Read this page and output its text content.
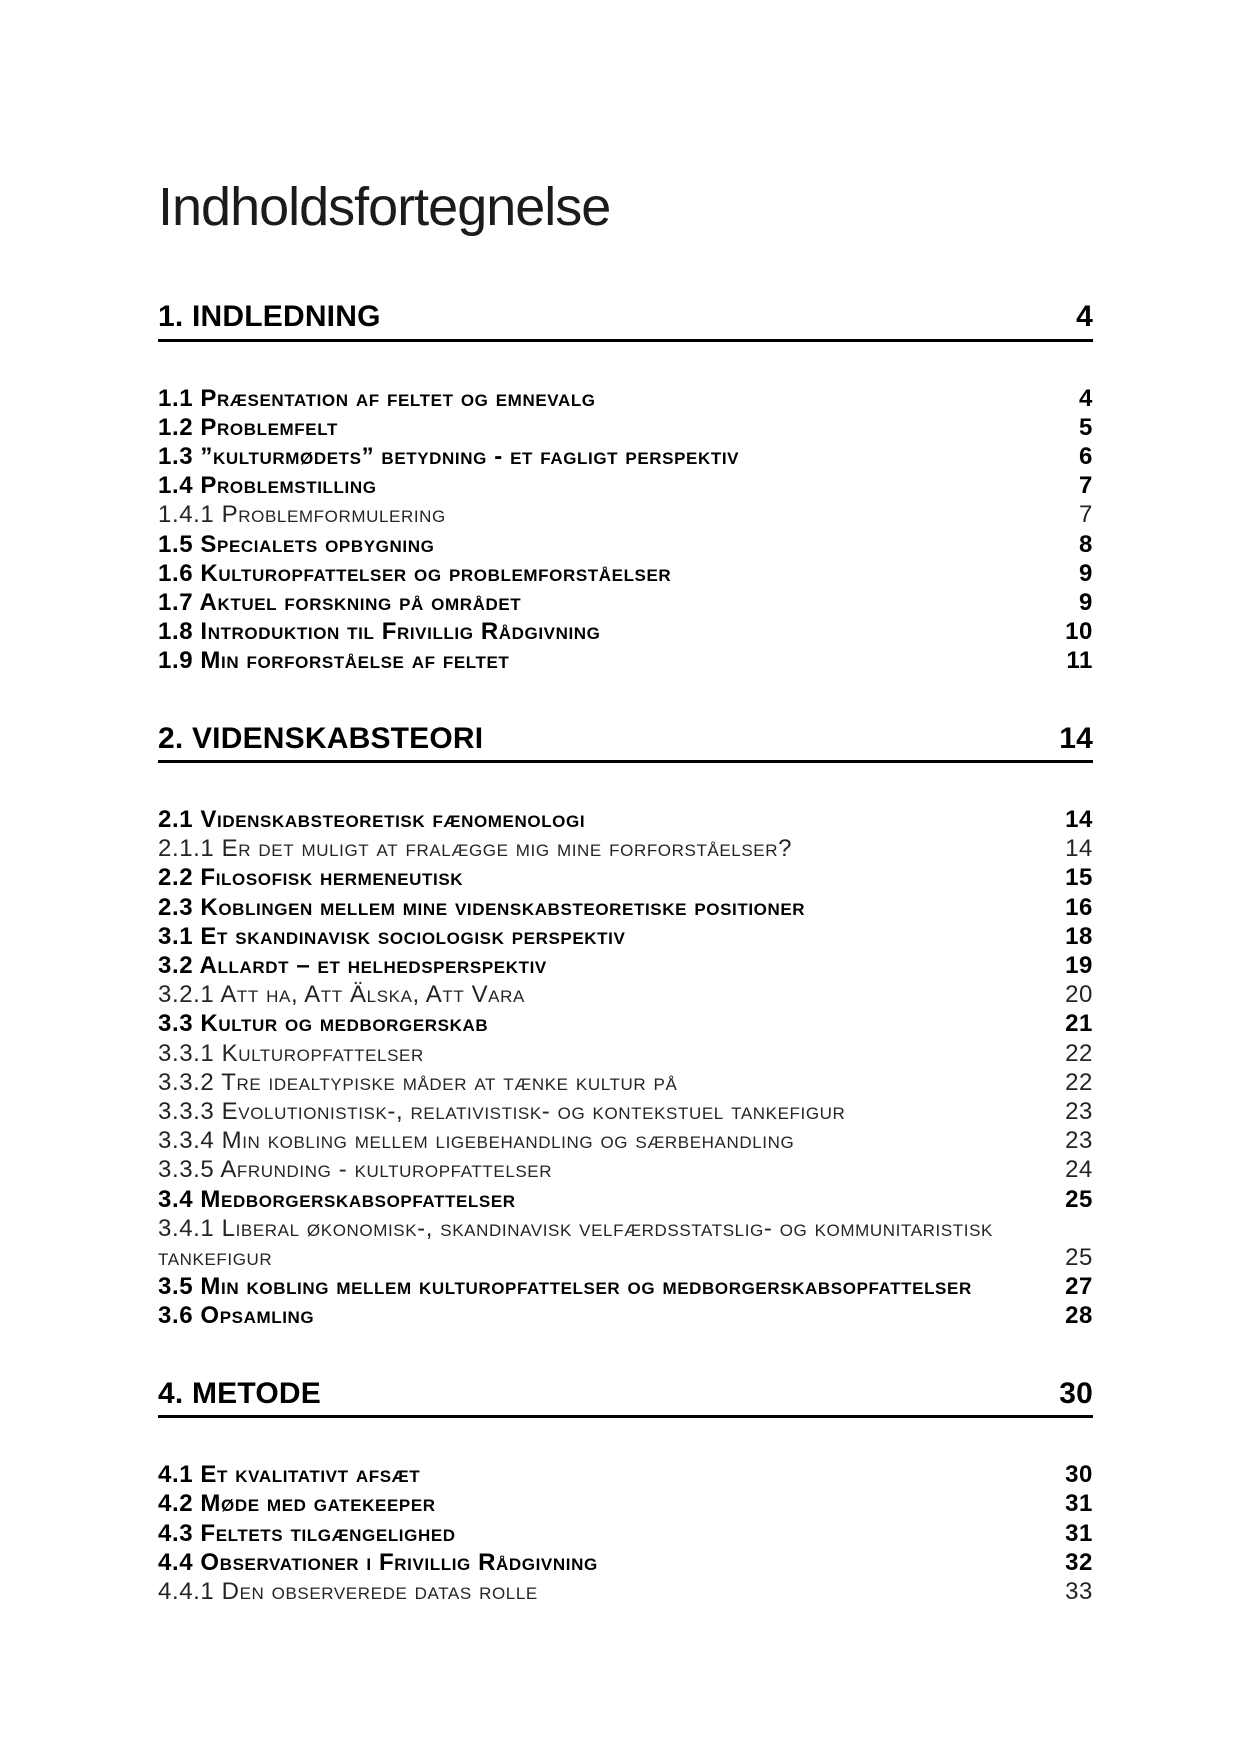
Indholdsfortegnelse
1. INDLEDNING	4
1.1 Præsentation af feltet og emnevalg	4
1.2 Problemfelt	5
1.3 ”kulturmødets” betydning - et fagligt perspektiv	6
1.4 Problemstilling	7
1.4.1 Problemformulering	7
1.5 Specialets opbygning	8
1.6 Kulturopfattelser og problemforståelser	9
1.7 Aktuel forskning på området	9
1.8 Introduktion til Frivillig Rådgivning	10
1.9 Min forforståelse af feltet	11
2. VIDENSKABSTEORI	14
2.1 Videnskabsteoretisk fænomenologi	14
2.1.1 Er det muligt at fralægge mig mine forforståelser?	14
2.2 Filosofisk hermeneutisk	15
2.3 Koblingen mellem mine videnskabsteoretiske positioner	16
3.1 Et skandinavisk sociologisk perspektiv	18
3.2 Allardt – et helhedsperspektiv	19
3.2.1 Att ha, Att Älska, Att Vara	20
3.3 Kultur og medborgerskab	21
3.3.1 Kulturopfattelser	22
3.3.2 Tre idealtypiske måder at tænke kultur på	22
3.3.3 Evolutionistisk-, relativistisk- og kontekstuel tankefigur	23
3.3.4 Min kobling mellem ligebehandling og særbehandling	23
3.3.5 Afrunding - kulturopfattelser	24
3.4 Medborgerskabsopfattelser	25
3.4.1 Liberal økonomisk-, skandinavisk velfærdsstatslig- og kommunitaristisk
tankefigur	25
3.5 Min kobling mellem kulturopfattelser og medborgerskabsopfattelser	27
3.6 Opsamling	28
4. METODE	30
4.1 Et kvalitativt afsæt	30
4.2 Møde med gatekeeper	31
4.3 Feltets tilgængelighed	31
4.4 Observationer i Frivillig Rådgivning	32
4.4.1 Den observerede datas rolle	33
